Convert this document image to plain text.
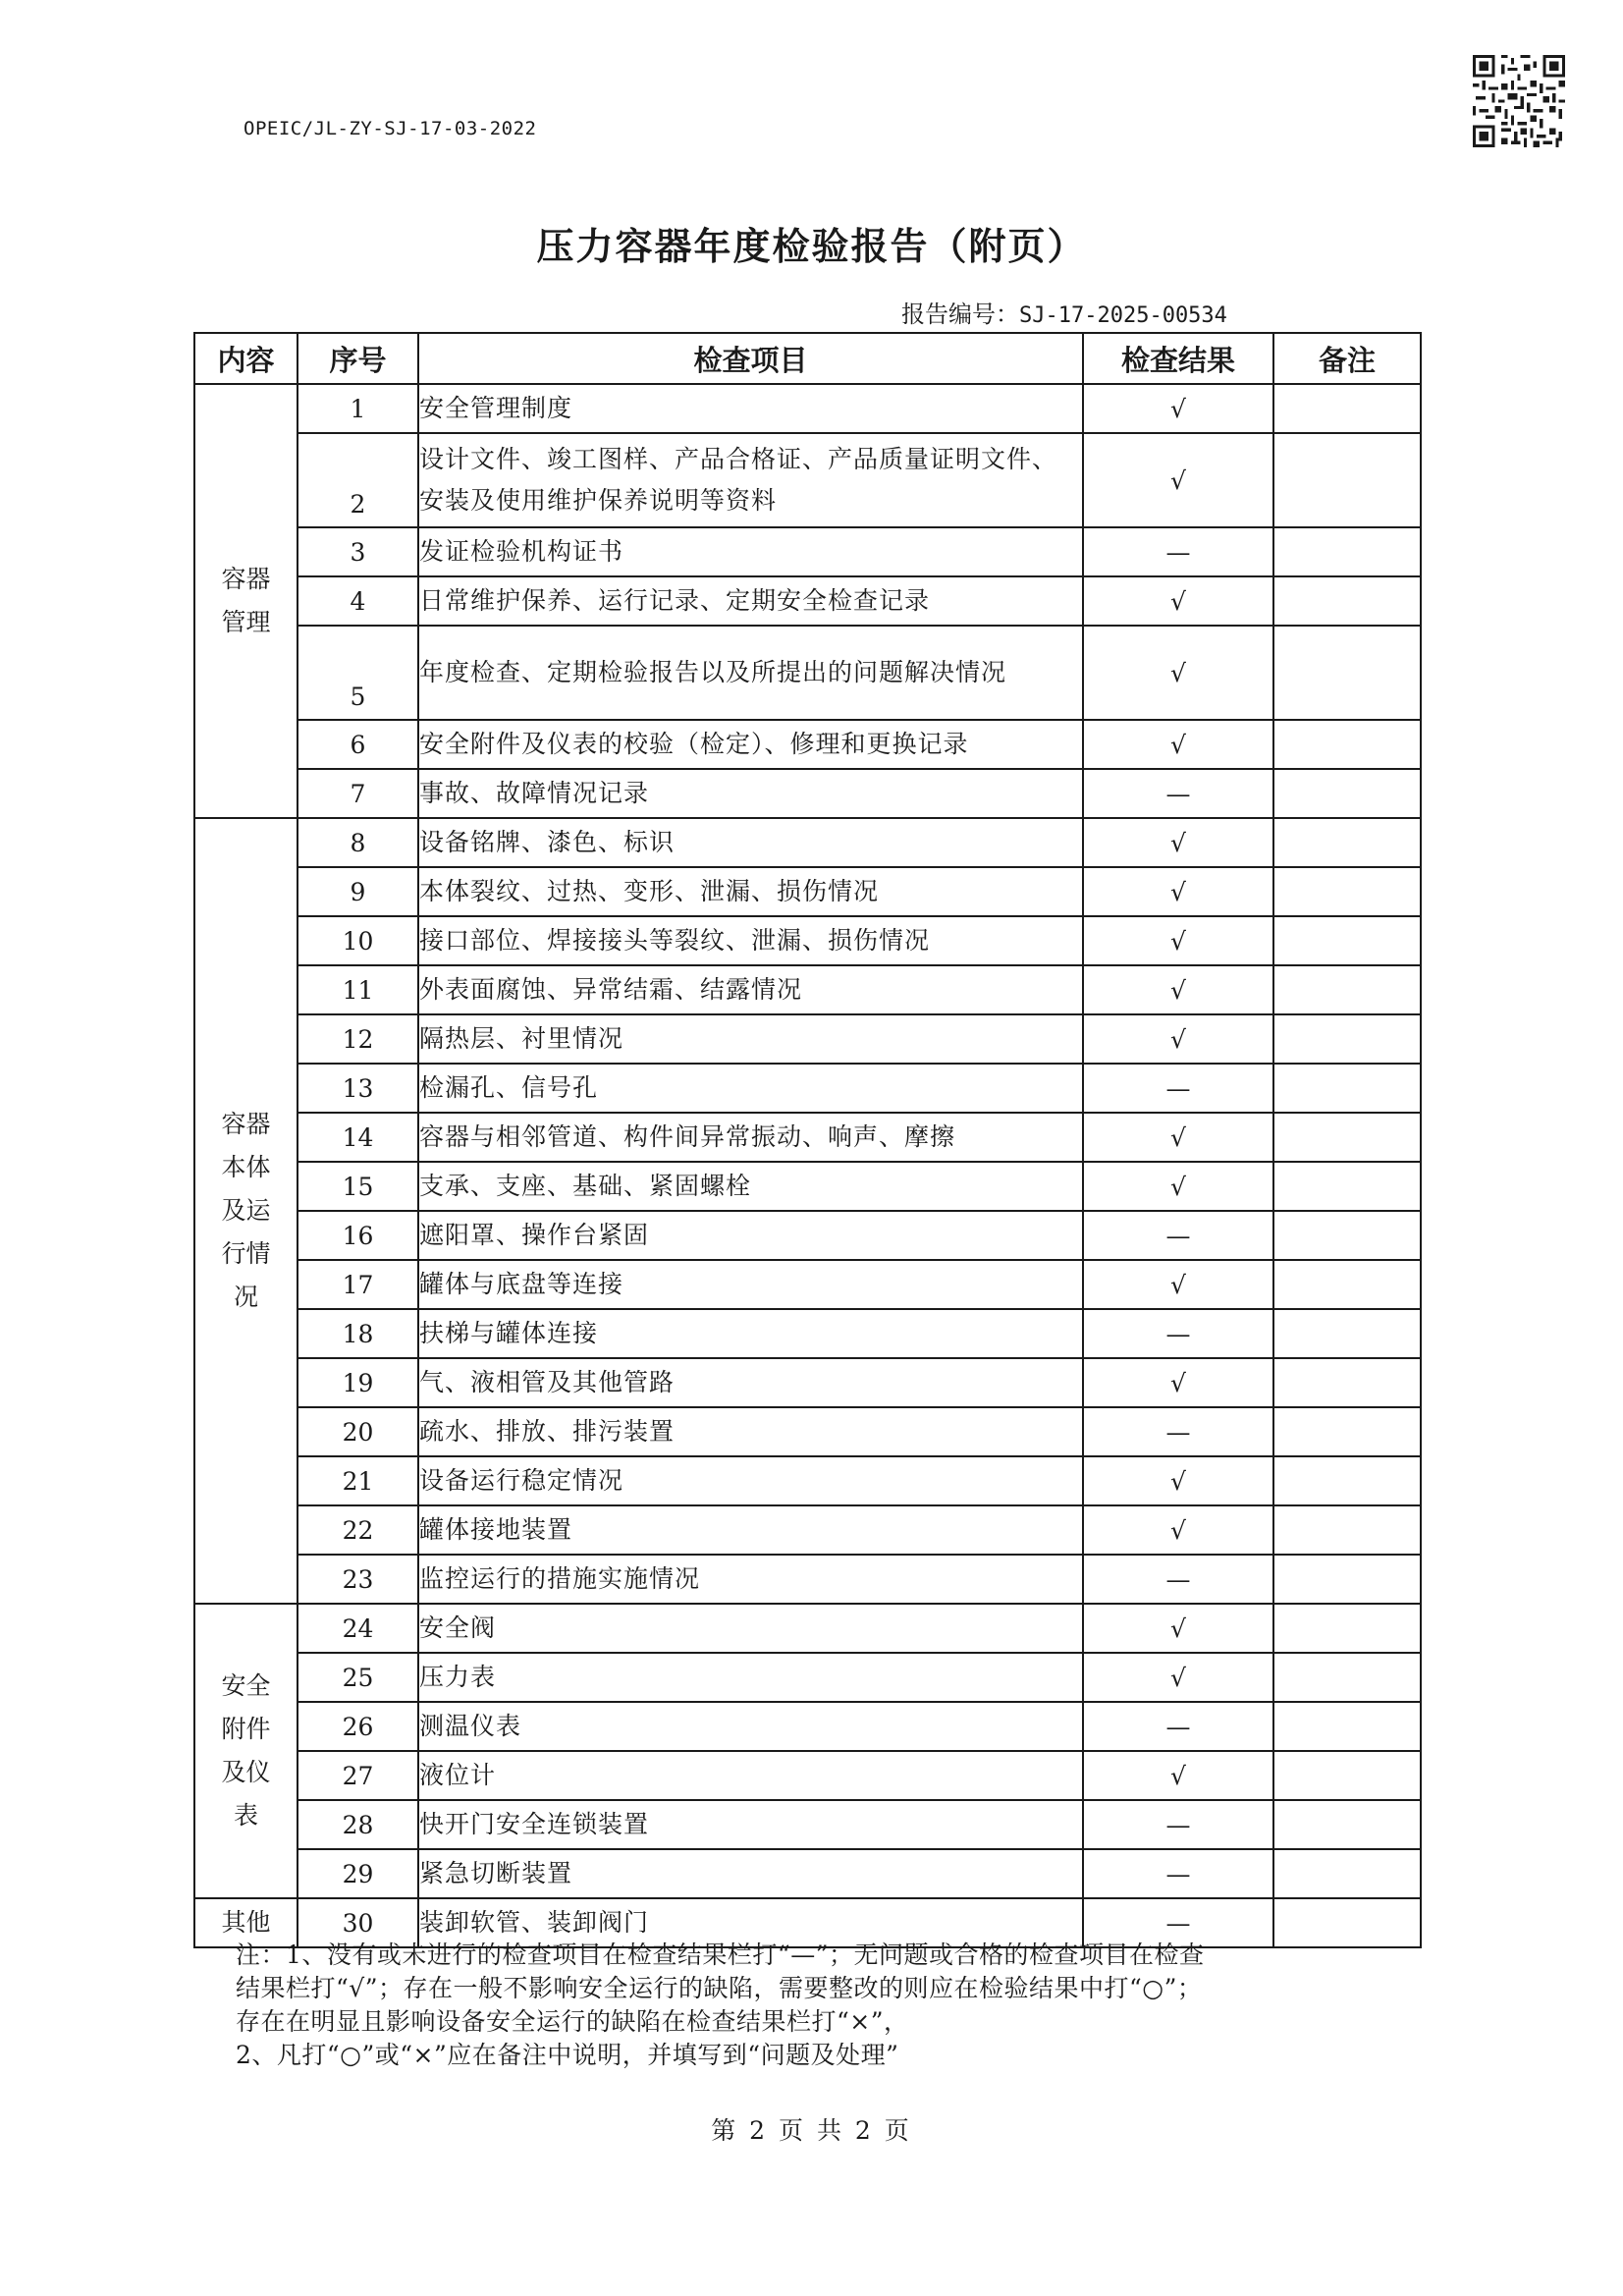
OPEIC/JL-ZY-SJ-17-03-2022
压力容器年度检验报告（附页）
报告编号：SJ-17-2025-00534
内容	序号	检查项目	检查结果	备注
容器管理	1	安全管理制度	√	
	2	设计文件、竣工图样、产品合格证、产品质量证明文件、安装及使用维护保养说明等资料	√	
	3	发证检验机构证书	—	
	4	日常维护保养、运行记录、定期安全检查记录	√	
	5	年度检查、定期检验报告以及所提出的问题解决情况	√	
	6	安全附件及仪表的校验（检定）、修理和更换记录	√	
	7	事故、故障情况记录	—	
容器本体及运行情况	8	设备铭牌、漆色、标识	√	
	9	本体裂纹、过热、变形、泄漏、损伤情况	√	
	10	接口部位、焊接接头等裂纹、泄漏、损伤情况	√	
	11	外表面腐蚀、异常结霜、结露情况	√	
	12	隔热层、衬里情况	√	
	13	检漏孔、信号孔	—	
	14	容器与相邻管道、构件间异常振动、响声、摩擦	√	
	15	支承、支座、基础、紧固螺栓	√	
	16	遮阳罩、操作台紧固	—	
	17	罐体与底盘等连接	√	
	18	扶梯与罐体连接	—	
	19	气、液相管及其他管路	√	
	20	疏水、排放、排污装置	—	
	21	设备运行稳定情况	√	
	22	罐体接地装置	√	
	23	监控运行的措施实施情况	—	
安全附件及仪表	24	安全阀	√	
	25	压力表	√	
	26	测温仪表	—	
	27	液位计	√	
	28	快开门安全连锁装置	—	
	29	紧急切断装置	—	
其他	30	装卸软管、装卸阀门	—	

注：1、没有或未进行的检查项目在检查结果栏打“—”；无问题或合格的检查项目在检查

结果栏打“√”；存在一般不影响安全运行的缺陷，需要整改的则应在检验结果中打“○”；

存在在明显且影响设备安全运行的缺陷在检查结果栏打“×”，

2、凡打“○”或“×”应在备注中说明，并填写到“问题及处理”

第 2 页 共 2 页
